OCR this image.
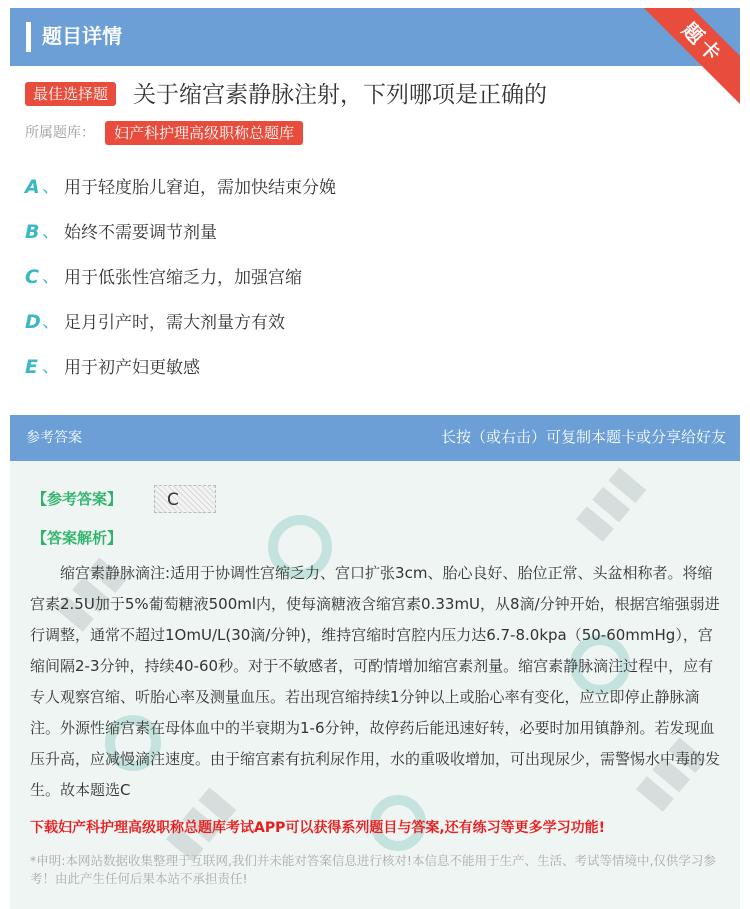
题目详情	题卡
最佳选择题	关于缩宫素静脉注射，下列哪项是正确的
所属题库：	妇产科护理高级职称总题库
A 、 用于轻度胎儿窘迫，需加快结束分娩
B 、 始终不需要调节剂量
C 、 用于低张性宫缩乏力，加强宫缩
D 、 足月引产时，需大剂量方有效
E 、 用于初产妇更敏感
参考答案	长按（或右击）可复制本题卡或分享给好友
▮▮▮
▮▮▮
▮▮▮
▮▮▮
【参考答案】	C
【答案解析】

缩宫素静脉滴注:适用于协调性宫缩乏力、宫口扩张3cm、胎心良好、胎位正常、头盆相称者。将缩宫素2.5U加于5%葡萄糖液500ml内，使每滴糖液含缩宫素0.33mU，从8滴/分钟开始，根据宫缩强弱进行调整，通常不超过1OmU/L(30滴/分钟)，维持宫缩时宫腔内压力达6.7-8.0kpa（50-60mmHg），宫缩间隔2-3分钟，持续40-60秒。对于不敏感者，可酌情增加缩宫素剂量。缩宫素静脉滴注过程中，应有专人观察宫缩、听胎心率及测量血压。若出现宫缩持续1分钟以上或胎心率有变化，应立即停止静脉滴注。外源性缩宫素在母体血中的半衰期为1-6分钟，故停药后能迅速好转，必要时加用镇静剂。若发现血压升高，应减慢滴注速度。由于缩宫素有抗利尿作用，水的重吸收增加，可出现尿少，需警惕水中毒的发生。故本题选C

下载妇产科护理高级职称总题库考试APP可以获得系列题目与答案,还有练习等更多学习功能!
*申明:本网站数据收集整理于互联网,我们并未能对答案信息进行核对!本信息不能用于生产、生活、考试等情境中,仅供学习参考！由此产生任何后果本站不承担责任!
